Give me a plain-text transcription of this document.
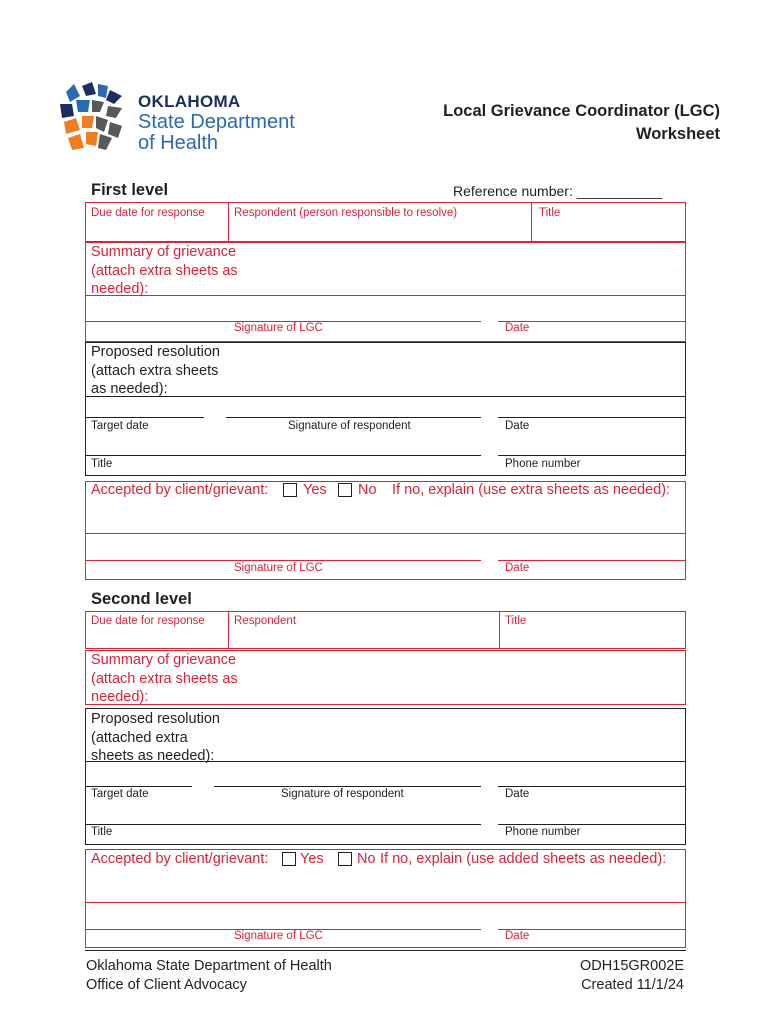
OKLAHOMA
State Department
of Health
Local Grievance Coordinator (LGC)
Worksheet
First level	Reference number: ___________
Due date for response	Respondent (person responsible to resolve)	Title
Summary of grievance
(attach extra sheets as
needed):
Signature of LGC	Date
Proposed resolution
(attach extra sheets
as needed):
Target date	Signature of respondent	Date
Title	Phone number
Accepted by client/grievant: Yes No If no, explain (use extra sheets as needed):
Signature of LGC	Date
Second level
Due date for response	Respondent	Title
Summary of grievance
(attach extra sheets as
needed):
Proposed resolution
(attached extra
sheets as needed):
Target date	Signature of respondent	Date
Title	Phone number
Accepted by client/grievant: Yes No If no, explain (use added sheets as needed):
Signature of LGC	Date
Oklahoma State Department of Health
Office of Client Advocacy
ODH15GR002E
Created 11/1/24
